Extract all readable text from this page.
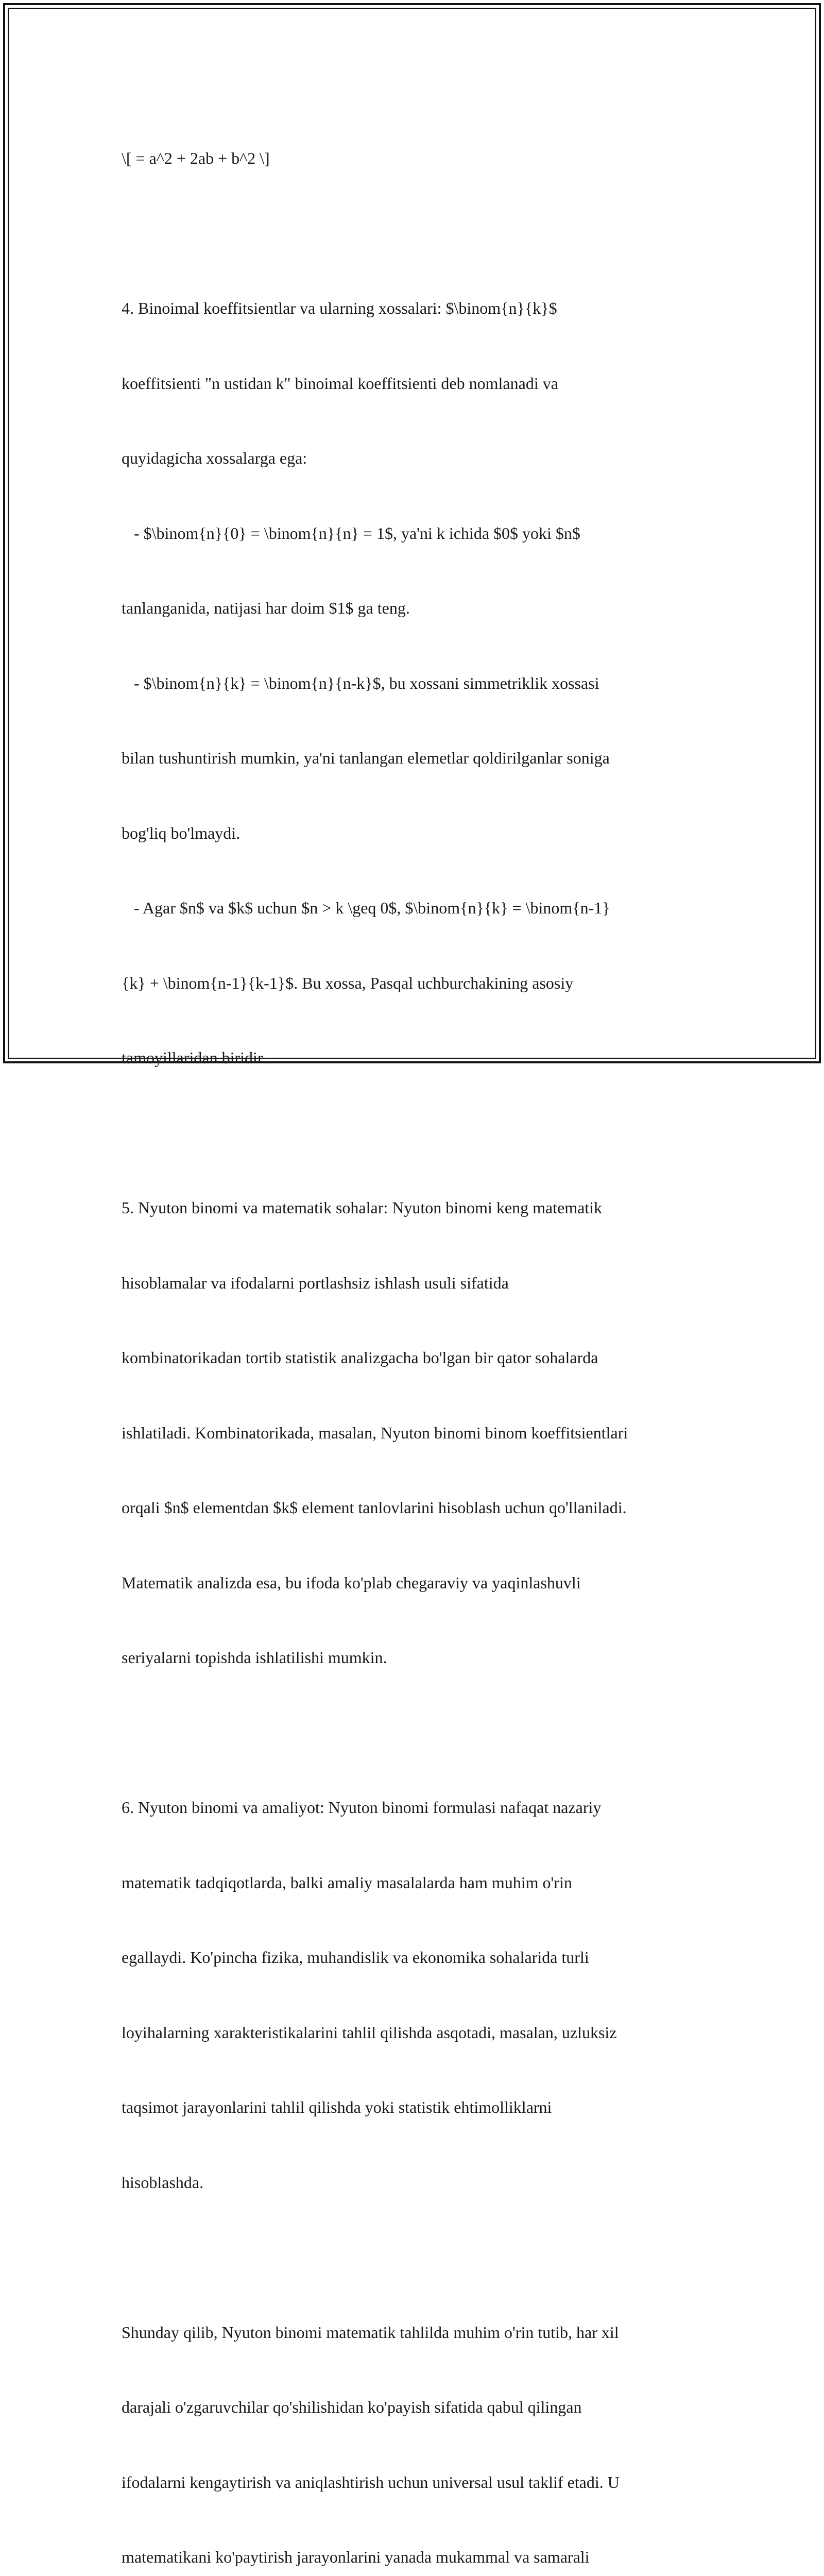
\[ = a^2 + 2ab + b^2 \]

4. Binoimal koeffitsientlar va ularning xossalari: $\binom{n}{k}$

koeffitsienti "n ustidan k" binoimal koeffitsienti deb nomlanadi va

quyidagicha xossalarga ega:

- $\binom{n}{0} = \binom{n}{n} = 1$, ya'ni k ichida $0$ yoki $n$

tanlanganida, natijasi har doim $1$ ga teng.

- $\binom{n}{k} = \binom{n}{n-k}$, bu xossani simmetriklik xossasi

bilan tushuntirish mumkin, ya'ni tanlangan elemetlar qoldirilganlar soniga

bog'liq bo'lmaydi.

- Agar $n$ va $k$ uchun $n > k \geq 0$, $\binom{n}{k} = \binom{n-1}

{k} + \binom{n-1}{k-1}$. Bu xossa, Pasqal uchburchakining asosiy

tamoyillaridan biridir.

5. Nyuton binomi va matematik sohalar: Nyuton binomi keng matematik

hisoblamalar va ifodalarni portlashsiz ishlash usuli sifatida

kombinatorikadan tortib statistik analizgacha bo'lgan bir qator sohalarda

ishlatiladi. Kombinatorikada, masalan, Nyuton binomi binom koeffitsientlari

orqali $n$ elementdan $k$ element tanlovlarini hisoblash uchun qo'llaniladi.

Matematik analizda esa, bu ifoda ko'plab chegaraviy va yaqinlashuvli

seriyalarni topishda ishlatilishi mumkin.

6. Nyuton binomi va amaliyot: Nyuton binomi formulasi nafaqat nazariy

matematik tadqiqotlarda, balki amaliy masalalarda ham muhim o'rin

egallaydi. Ko'pincha fizika, muhandislik va ekonomika sohalarida turli

loyihalarning xarakteristikalarini tahlil qilishda asqotadi, masalan, uzluksiz

taqsimot jarayonlarini tahlil qilishda yoki statistik ehtimolliklarni

hisoblashda.

Shunday qilib, Nyuton binomi matematik tahlilda muhim o'rin tutib, har xil

darajali o'zgaruvchilar qo'shilishidan ko'payish sifatida qabul qilingan

ifodalarni kengaytirish va aniqlashtirish uchun universal usul taklif etadi. U

matematikani ko'paytirish jarayonlarini yanada mukammal va samarali
